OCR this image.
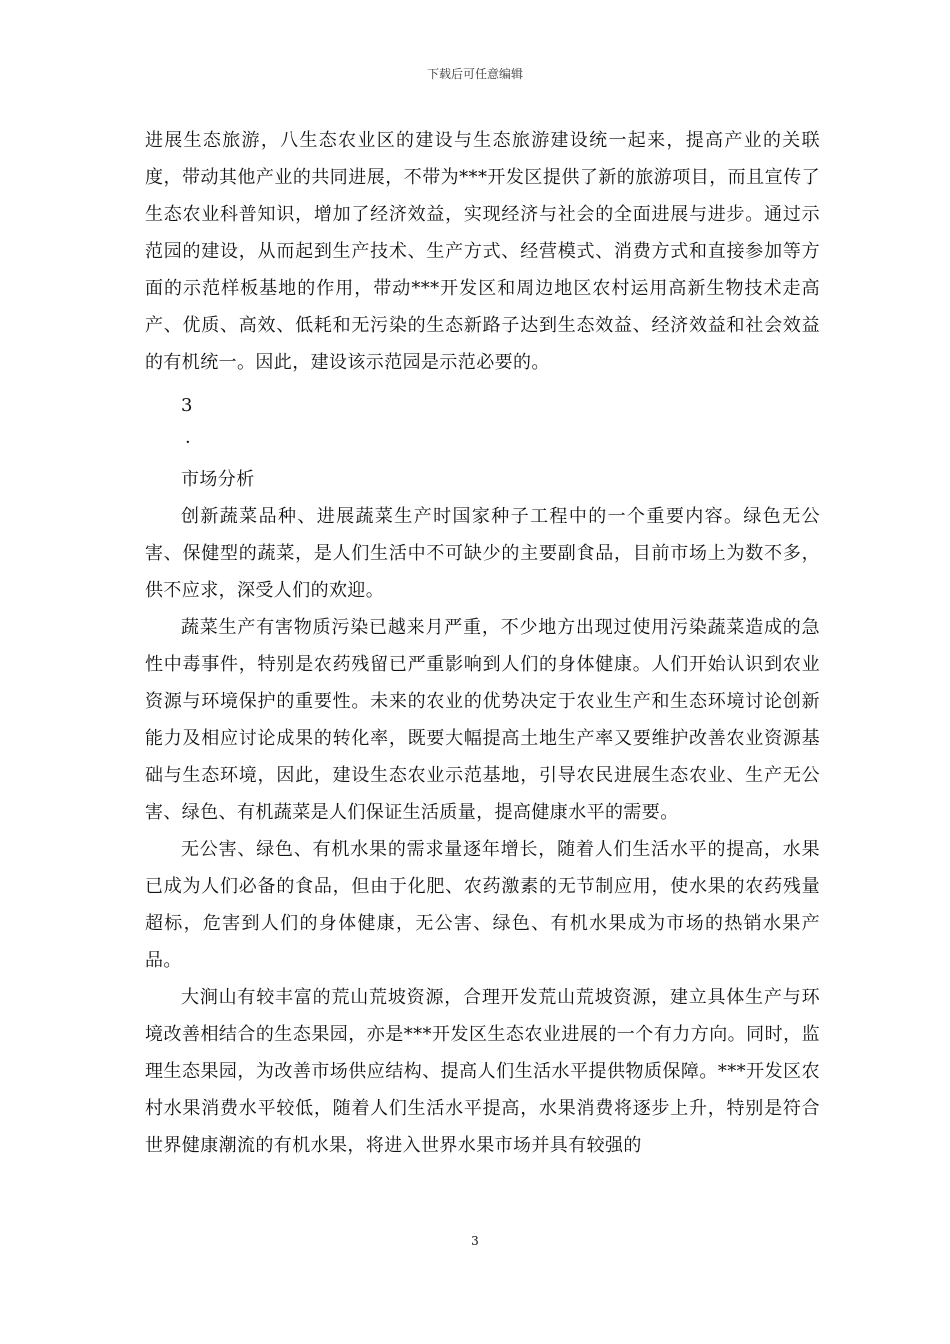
下载后可任意编辑

进展生态旅游，八生态农业区的建设与生态旅游建设统一起来，提高产业的关联度，带动其他产业的共同进展，不带为***开发区提供了新的旅游项目，而且宣传了生态农业科普知识，增加了经济效益，实现经济与社会的全面进展与进步。通过示范园的建设，从而起到生产技术、生产方式、经营模式、消费方式和直接参加等方面的示范样板基地的作用，带动***开发区和周边地区农村运用高新生物技术走高产、优质、高效、低耗和无污染的生态新路子达到生态效益、经济效益和社会效益的有机统一。因此，建设该示范园是示范必要的。

3

·

市场分析

创新蔬菜品种、进展蔬菜生产时国家种子工程中的一个重要内容。绿色无公害、保健型的蔬菜，是人们生活中不可缺少的主要副食品，目前市场上为数不多，供不应求，深受人们的欢迎。

蔬菜生产有害物质污染已越来月严重，不少地方出现过使用污染蔬菜造成的急性中毒事件，特别是农药残留已严重影响到人们的身体健康。人们开始认识到农业资源与环境保护的重要性。未来的农业的优势决定于农业生产和生态环境讨论创新能力及相应讨论成果的转化率，既要大幅提高土地生产率又要维护改善农业资源基础与生态环境，因此，建设生态农业示范基地，引导农民进展生态农业、生产无公害、绿色、有机蔬菜是人们保证生活质量，提高健康水平的需要。

无公害、绿色、有机水果的需求量逐年增长，随着人们生活水平的提高，水果已成为人们必备的食品，但由于化肥、农药激素的无节制应用，使水果的农药残量超标，危害到人们的身体健康，无公害、绿色、有机水果成为市场的热销水果产品。

大涧山有较丰富的荒山荒坡资源，合理开发荒山荒坡资源，建立具体生产与环境改善相结合的生态果园，亦是***开发区生态农业进展的一个有力方向。同时，监理生态果园，为改善市场供应结构、提高人们生活水平提供物质保障。***开发区农村水果消费水平较低，随着人们生活水平提高，水果消费将逐步上升，特别是符合世界健康潮流的有机水果，将进入世界水果市场并具有较强的

3
